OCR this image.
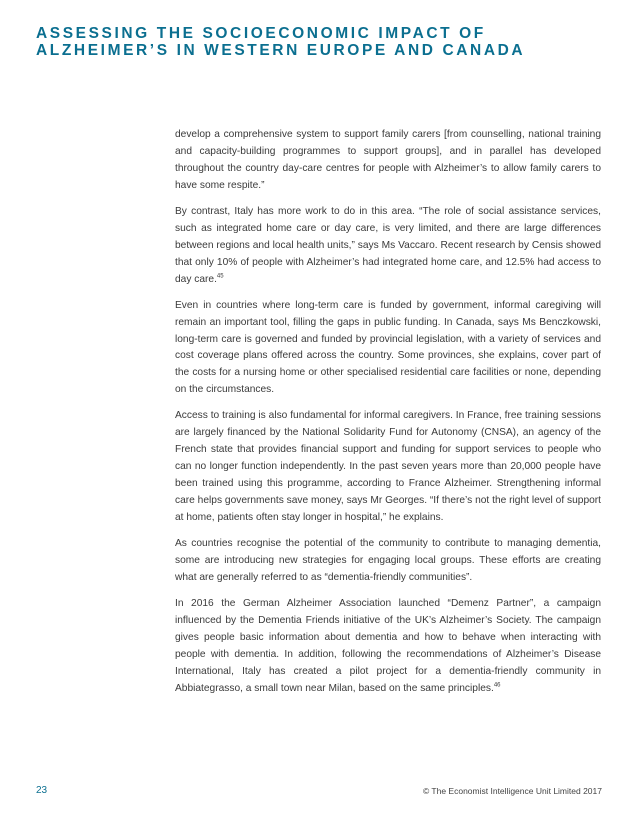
ASSESSING THE SOCIOECONOMIC IMPACT OF
ALZHEIMER’S IN WESTERN EUROPE AND CANADA

develop a comprehensive system to support family carers [from counselling, national training and capacity-building programmes to support groups], and in parallel has developed throughout the country day-care centres for people with Alzheimer’s to allow family carers to have some respite.”

By contrast, Italy has more work to do in this area. “The role of social assistance services, such as integrated home care or day care, is very limited, and there are large differences between regions and local health units,” says Ms Vaccaro. Recent research by Censis showed that only 10% of people with Alzheimer’s had integrated home care, and 12.5% had access to day care.$^{45}$

Even in countries where long-term care is funded by government, informal caregiving will remain an important tool, filling the gaps in public funding. In Canada, says Ms Benczkowski, long-term care is governed and funded by provincial legislation, with a variety of services and cost coverage plans offered across the country. Some provinces, she explains, cover part of the costs for a nursing home or other specialised residential care facilities or none, depending on the circumstances.

Access to training is also fundamental for informal caregivers. In France, free training sessions are largely financed by the National Solidarity Fund for Autonomy (CNSA), an agency of the French state that provides financial support and funding for support services to people who can no longer function independently. In the past seven years more than 20,000 people have been trained using this programme, according to France Alzheimer. Strengthening informal care helps governments save money, says Mr Georges. “If there’s not the right level of support at home, patients often stay longer in hospital,” he explains.

As countries recognise the potential of the community to contribute to managing dementia, some are introducing new strategies for engaging local groups. These efforts are creating what are generally referred to as “dementia-friendly communities”.

In 2016 the German Alzheimer Association launched “Demenz Partner”, a campaign influenced by the Dementia Friends initiative of the UK’s Alzheimer’s Society. The campaign gives people basic information about dementia and how to behave when interacting with people with dementia. In addition, following the recommendations of Alzheimer’s Disease International, Italy has created a pilot project for a dementia-friendly community in Abbiategrasso, a small town near Milan, based on the same principles.$^{46}$

23	© The Economist Intelligence Unit Limited 2017
